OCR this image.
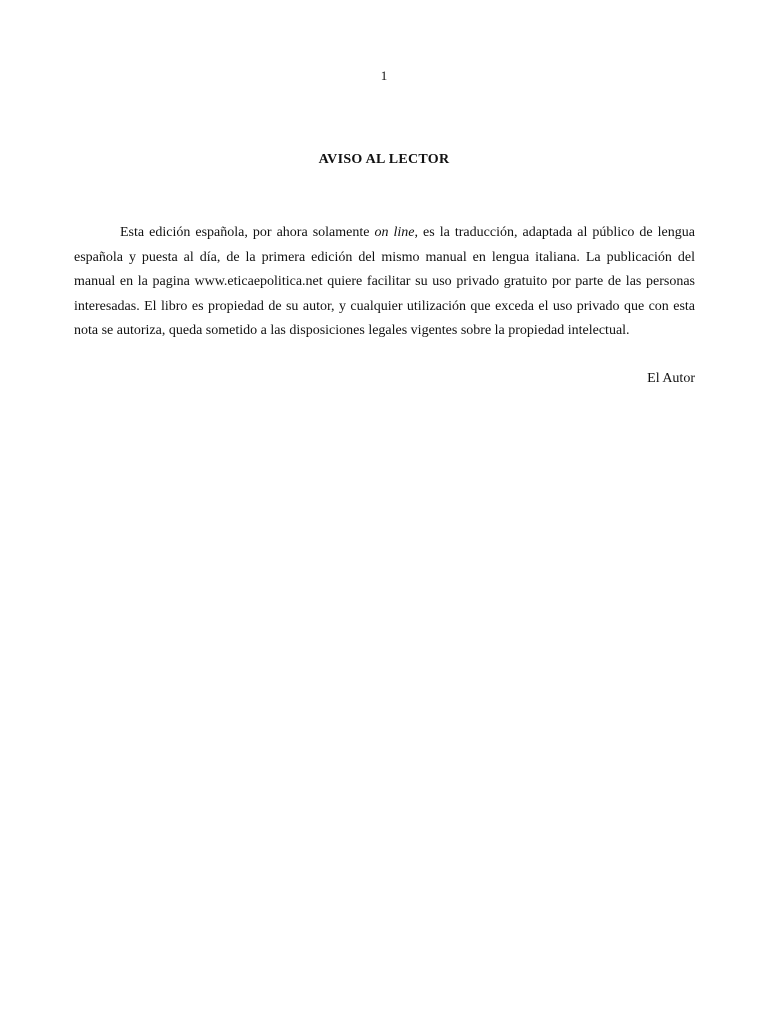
1
AVISO AL LECTOR

Esta edición española, por ahora solamente on line, es la traducción, adaptada al público de lengua española y puesta al día, de la primera edición del mismo manual en lengua italiana. La publicación del manual en la pagina www.eticaepolitica.net quiere facilitar su uso privado gratuito por parte de las personas interesadas. El libro es propiedad de su autor, y cualquier utilización que exceda el uso privado que con esta nota se autoriza, queda sometido a las disposiciones legales vigentes sobre la propiedad intelectual.

El Autor
